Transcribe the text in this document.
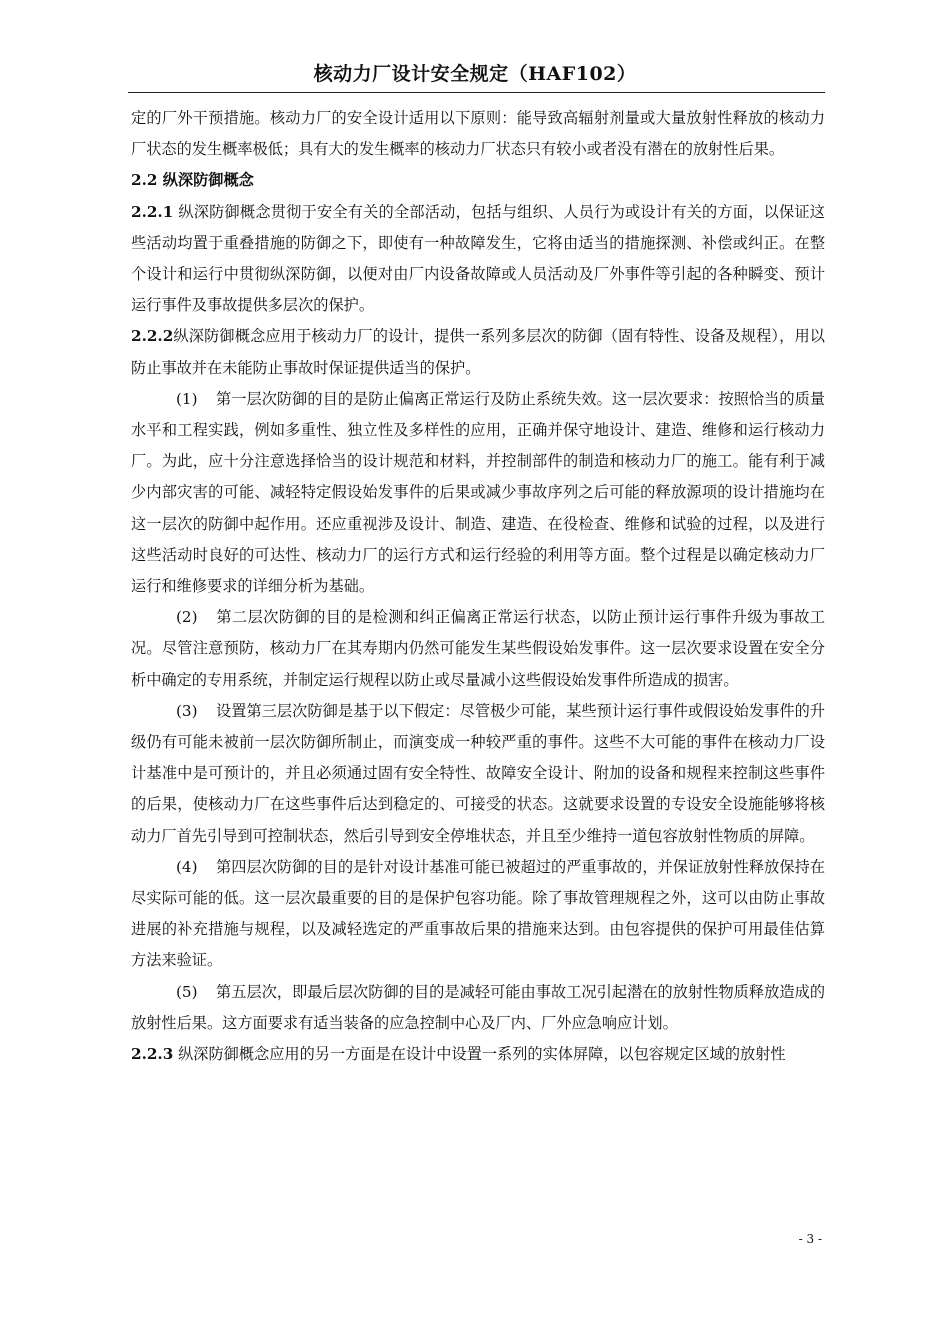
核动力厂设计安全规定（HAF102）

定的厂外干预措施。核动力厂的安全设计适用以下原则：能导致高辐射剂量或大量放射性释放的核动力厂状态的发生概率极低；具有大的发生概率的核动力厂状态只有较小或者没有潜在的放射性后果。

2.2 纵深防御概念

2.2.1 纵深防御概念贯彻于安全有关的全部活动，包括与组织、人员行为或设计有关的方面，以保证这些活动均置于重叠措施的防御之下，即使有一种故障发生，它将由适当的措施探测、补偿或纠正。在整个设计和运行中贯彻纵深防御，以便对由厂内设备故障或人员活动及厂外事件等引起的各种瞬变、预计运行事件及事故提供多层次的保护。

2.2.2纵深防御概念应用于核动力厂的设计，提供一系列多层次的防御（固有特性、设备及规程），用以防止事故并在未能防止事故时保证提供适当的保护。

(1) 第一层次防御的目的是防止偏离正常运行及防止系统失效。这一层次要求：按照恰当的质量水平和工程实践，例如多重性、独立性及多样性的应用，正确并保守地设计、建造、维修和运行核动力厂。为此，应十分注意选择恰当的设计规范和材料，并控制部件的制造和核动力厂的施工。能有利于减少内部灾害的可能、减轻特定假设始发事件的后果或减少事故序列之后可能的释放源项的设计措施均在这一层次的防御中起作用。还应重视涉及设计、制造、建造、在役检查、维修和试验的过程，以及进行这些活动时良好的可达性、核动力厂的运行方式和运行经验的利用等方面。整个过程是以确定核动力厂运行和维修要求的详细分析为基础。

(2) 第二层次防御的目的是检测和纠正偏离正常运行状态，以防止预计运行事件升级为事故工况。尽管注意预防，核动力厂在其寿期内仍然可能发生某些假设始发事件。这一层次要求设置在安全分析中确定的专用系统，并制定运行规程以防止或尽量减小这些假设始发事件所造成的损害。

(3) 设置第三层次防御是基于以下假定：尽管极少可能，某些预计运行事件或假设始发事件的升级仍有可能未被前一层次防御所制止，而演变成一种较严重的事件。这些不大可能的事件在核动力厂设计基准中是可预计的，并且必须通过固有安全特性、故障安全设计、附加的设备和规程来控制这些事件的后果，使核动力厂在这些事件后达到稳定的、可接受的状态。这就要求设置的专设安全设施能够将核动力厂首先引导到可控制状态，然后引导到安全停堆状态，并且至少维持一道包容放射性物质的屏障。

(4) 第四层次防御的目的是针对设计基准可能已被超过的严重事故的，并保证放射性释放保持在尽实际可能的低。这一层次最重要的目的是保护包容功能。除了事故管理规程之外，这可以由防止事故进展的补充措施与规程，以及减轻选定的严重事故后果的措施来达到。由包容提供的保护可用最佳估算方法来验证。

(5) 第五层次，即最后层次防御的目的是减轻可能由事故工况引起潜在的放射性物质释放造成的放射性后果。这方面要求有适当装备的应急控制中心及厂内、厂外应急响应计划。

2.2.3 纵深防御概念应用的另一方面是在设计中设置一系列的实体屏障，以包容规定区域的放射性

- 3 -
